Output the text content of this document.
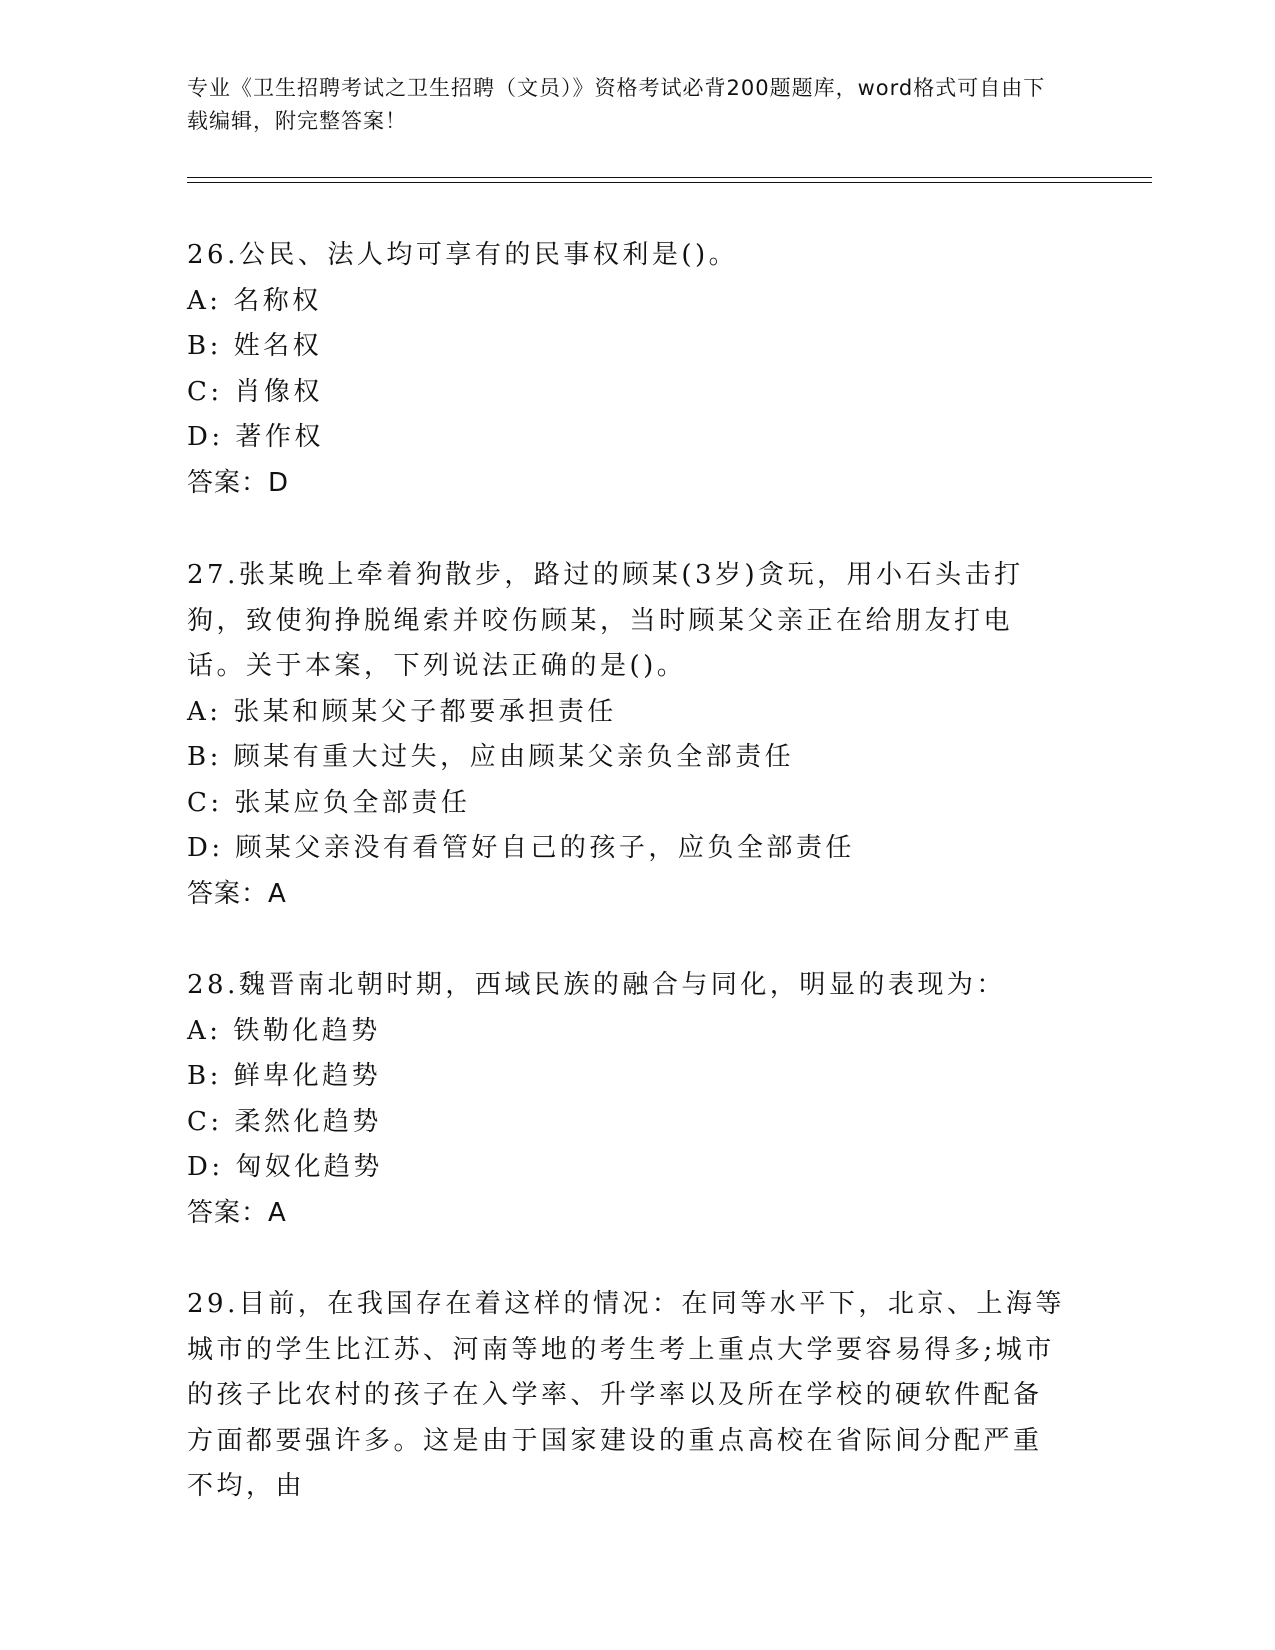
专业《卫生招聘考试之卫生招聘（文员）》资格考试必背200题题库，word格式可自由下载编辑，附完整答案！
26.公民、法人均可享有的民事权利是()。
A: 名称权
B: 姓名权
C: 肖像权
D: 著作权
答案：D
27.张某晚上牵着狗散步，路过的顾某(3岁)贪玩，用小石头击打狗，致使狗挣脱绳索并咬伤顾某，当时顾某父亲正在给朋友打电话。关于本案，下列说法正确的是()。
A: 张某和顾某父子都要承担责任
B: 顾某有重大过失，应由顾某父亲负全部责任
C: 张某应负全部责任
D: 顾某父亲没有看管好自己的孩子，应负全部责任
答案：A
28.魏晋南北朝时期，西域民族的融合与同化，明显的表现为：
A: 铁勒化趋势
B: 鲜卑化趋势
C: 柔然化趋势
D: 匈奴化趋势
答案：A
29.目前，在我国存在着这样的情况：在同等水平下，北京、上海等城市的学生比江苏、河南等地的考生考上重点大学要容易得多;城市的孩子比农村的孩子在入学率、升学率以及所在学校的硬软件配备方面都要强许多。这是由于国家建设的重点高校在省际间分配严重不均，由
